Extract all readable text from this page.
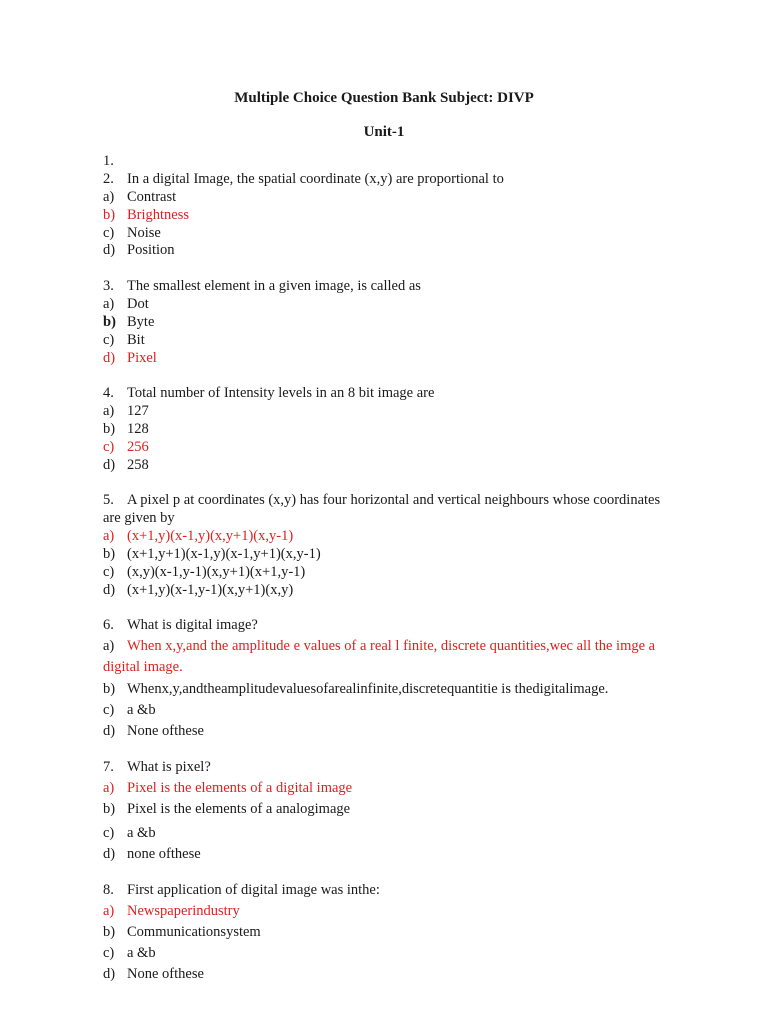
Multiple Choice Question Bank Subject: DIVP
Unit-1
1.
2. In a digital Image, the spatial coordinate (x,y) are proportional to
a) Contrast
b) Brightness
c) Noise
d) Position
3. The smallest element in a given image, is called as
a) Dot
b) Byte
c) Bit
d) Pixel
4. Total number of Intensity levels in an 8 bit image are
a) 127
b) 128
c) 256
d) 258
5. A pixel p at coordinates (x,y) has four horizontal and vertical neighbours whose coordinates
are given by
a) (x+1,y)(x-1,y)(x,y+1)(x,y-1)
b) (x+1,y+1)(x-1,y)(x-1,y+1)(x,y-1)
c) (x,y)(x-1,y-1)(x,y+1)(x+1,y-1)
d) (x+1,y)(x-1,y-1)(x,y+1)(x,y)
6. What is digital image?
a) When x,y,and the amplitude e values of a real l finite, discrete quantities,wec all the imge a
digital image.
b) Whenx,y,andtheamplitudevaluesofarealinfinite,discretequantitie is thedigitalimage.
c) a &b
d) None ofthese
7. What is pixel?
a) Pixel is the elements of a digital image
b) Pixel is the elements of a analogimage
c) a &b
d) none ofthese
8. First application of digital image was inthe:
a) Newspaperindustry
b) Communicationsystem
c) a &b
d) None ofthese
